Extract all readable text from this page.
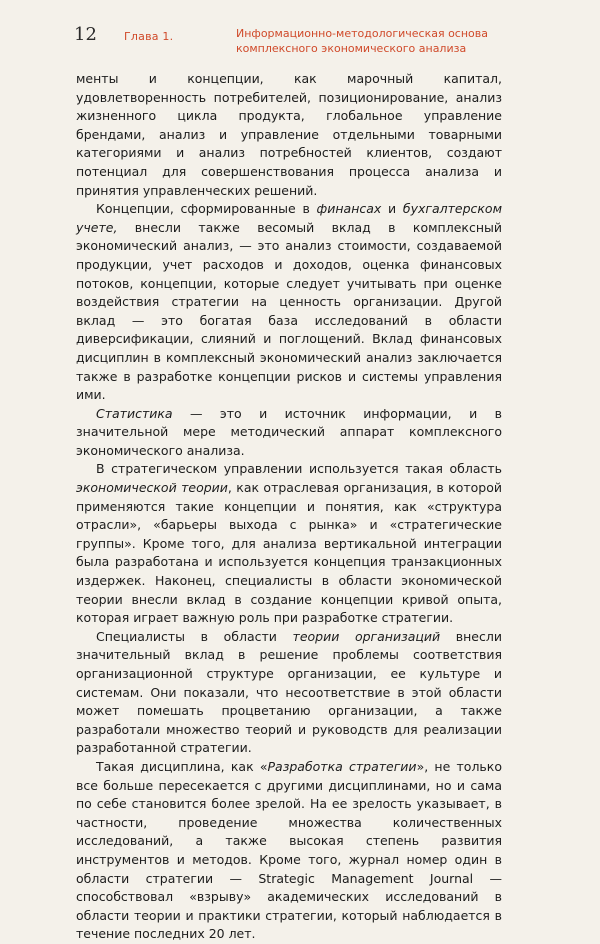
12 Глава 1.	Информационно-методологическая основа
комплексного экономического анализа

менты и концепции, как марочный капитал, удовлетворенность потребителей, позиционирование, анализ жизненного цикла продукта, глобальное управление брендами, анализ и управление отдельными товарными категориями и анализ потребностей клиентов, создают потенциал для совершенствования процесса анализа и принятия управленческих решений.

Концепции, сформированные в финансах и бухгалтерском учете, внесли также весомый вклад в комплексный экономический анализ, — это анализ стоимости, создаваемой продукции, учет расходов и доходов, оценка финансовых потоков, концепции, которые следует учитывать при оценке воздействия стратегии на ценность организации. Другой вклад — это богатая база исследований в области диверсификации, слияний и поглощений. Вклад финансовых дисциплин в комплексный экономический анализ заключается также в разработке концепции рисков и системы управления ими.

Статистика — это и источник информации, и в значительной мере методический аппарат комплексного экономического анализа.

В стратегическом управлении используется такая область экономической теории, как отраслевая организация, в которой применяются такие концепции и понятия, как «структура отрасли», «барьеры выхода с рынка» и «стратегические группы». Кроме того, для анализа вертикальной интеграции была разработана и используется концепция транзакционных издержек. Наконец, специалисты в области экономической теории внесли вклад в создание концепции кривой опыта, которая играет важную роль при разработке стратегии.

Специалисты в области теории организаций внесли значительный вклад в решение проблемы соответствия организационной структуре организации, ее культуре и системам. Они показали, что несоответствие в этой области может помешать процветанию организации, а также разработали множество теорий и руководств для реализации разработанной стратегии.

Такая дисциплина, как «Разработка стратегии», не только все больше пересекается с другими дисциплинами, но и сама по себе становится более зрелой. На ее зрелость указывает, в частности, проведение множества количественных исследований, а также высокая степень развития инструментов и методов. Кроме того, журнал номер один в области стратегии — Strategic Management Journal — способствовал «взрыву» академических исследований в области теории и практики стратегии, который наблюдается в течение последних 20 лет.
